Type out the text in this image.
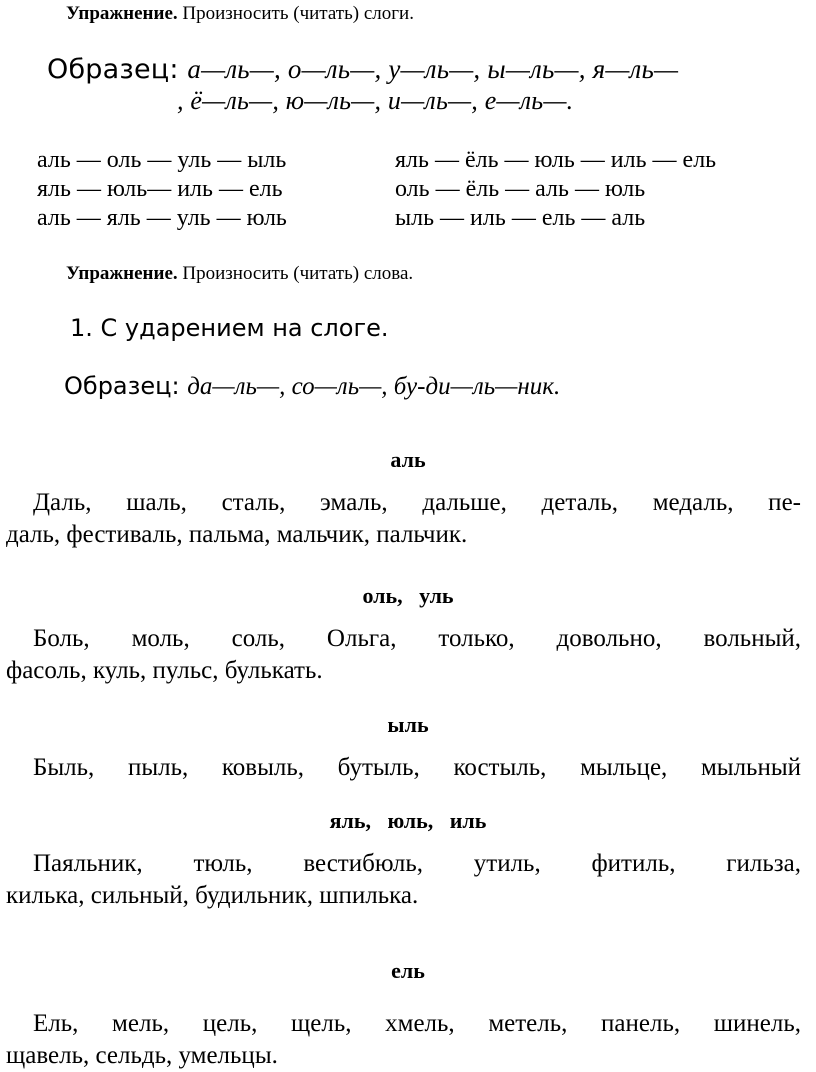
Упражнение. Произносить (читать) слоги.
Образец: а—ль—, о—ль—, у—ль—, ы—ль—, я—ль—
, ё—ль—, ю—ль—, и—ль—, е—ль—.
аль — оль — уль — ыль
яль — юль— иль — ель
аль — яль — уль — юль
яль — ёль — юль — иль — ель
оль — ёль — аль — юль
ыль — иль — ель — аль
Упражнение. Произносить (читать) слова.
1. С ударением на слоге.
Образец: да—ль—, со—ль—, бу-ди—ль—ник.
аль
Даль, шаль, сталь, эмаль, дальше, деталь, медаль, пе-
даль, фестиваль, пальма, мальчик, пальчик.
оль,   уль
Боль, моль, соль, Ольга, только, довольно, вольный,
фасоль, куль, пульс, булькать.
ыль
Быль, пыль, ковыль, бутыль, костыль, мыльце, мыльный
яль,   юль,   иль
Паяльник, тюль, вестибюль, утиль, фитиль, гильза,
килька, сильный, будильник, шпилька.
ель
Ель, мель, цель, щель, хмель, метель, панель, шинель,
щавель, сельдь, умельцы.
